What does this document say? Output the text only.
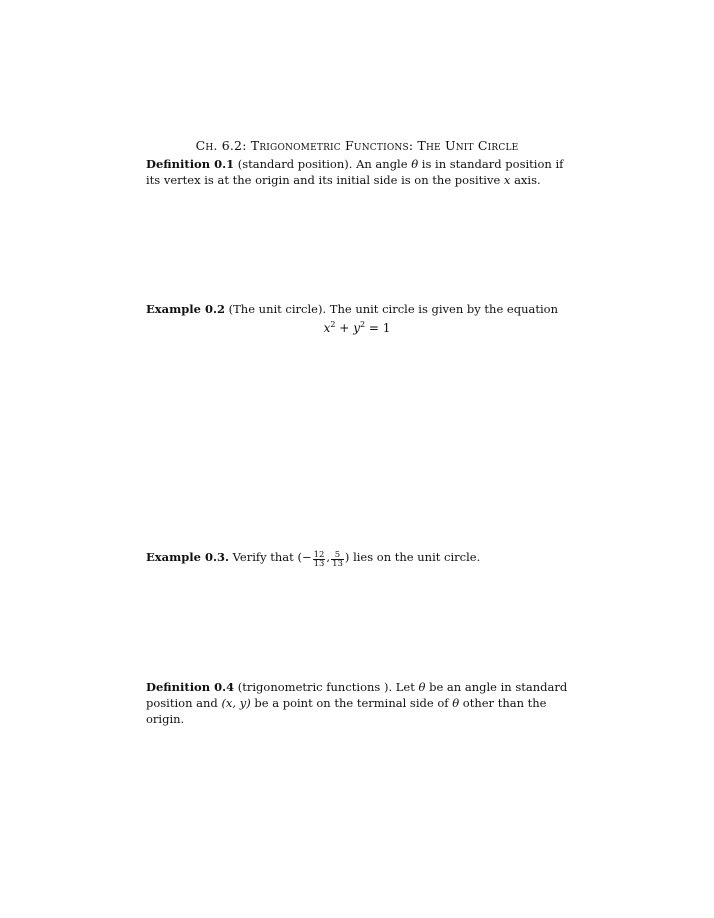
Ch. 6.2: Trigonometric Functions: The Unit Circle
Definition 0.1 (standard position). An angle θ is in standard position if its vertex is at the origin and its initial side is on the positive x axis.
Example 0.2 (The unit circle). The unit circle is given by the equation
$x^2 + y^2 = 1$
Example 0.3. Verify that (− $\frac{12}{13}$ , $\frac{5}{13}$ ) lies on the unit circle.
Definition 0.4 (trigonometric functions ). Let θ be an angle in standard position and (x, y) be a point on the terminal side of θ other than the origin.
